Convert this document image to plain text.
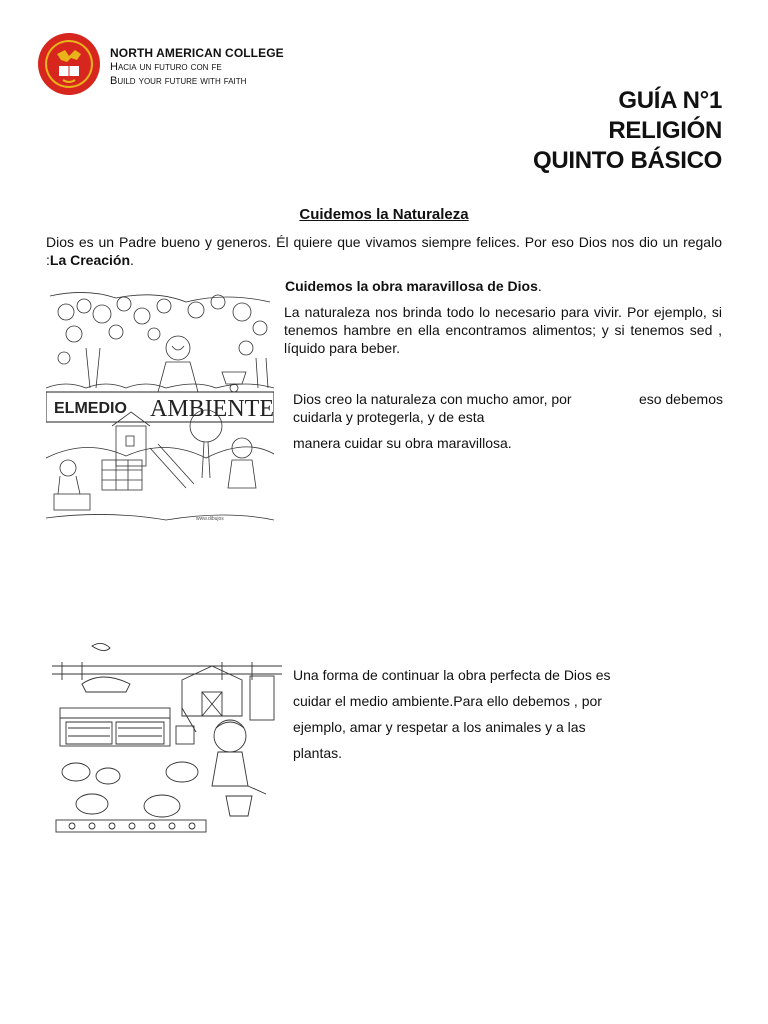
NORTH AMERICAN COLLEGE
Hacia un futuro con fe
Build your future with faith
GUÍA N°1
RELIGIÓN
QUINTO BÁSICO
Cuidemos la Naturaleza
Dios es un Padre bueno y generos. Él quiere que vivamos siempre felices. Por eso Dios nos dio un regalo :La Creación.
Cuidemos la obra maravillosa de Dios.
ELMEDIO AMBIENTE
www.dibujos
La naturaleza nos brinda todo lo necesario para vivir. Por ejemplo, si tenemos hambre en ella encontramos alimentos; y si tenemos sed , líquido para beber.
Dios creo la naturaleza con mucho amor, por	eso debemos
cuidarla y protegerla, y de esta
manera cuidar su obra maravillosa.
Una forma de continuar la obra perfecta de Dios es cuidar el medio ambiente.Para ello debemos , por ejemplo, amar y respetar a los animales y a las plantas.
